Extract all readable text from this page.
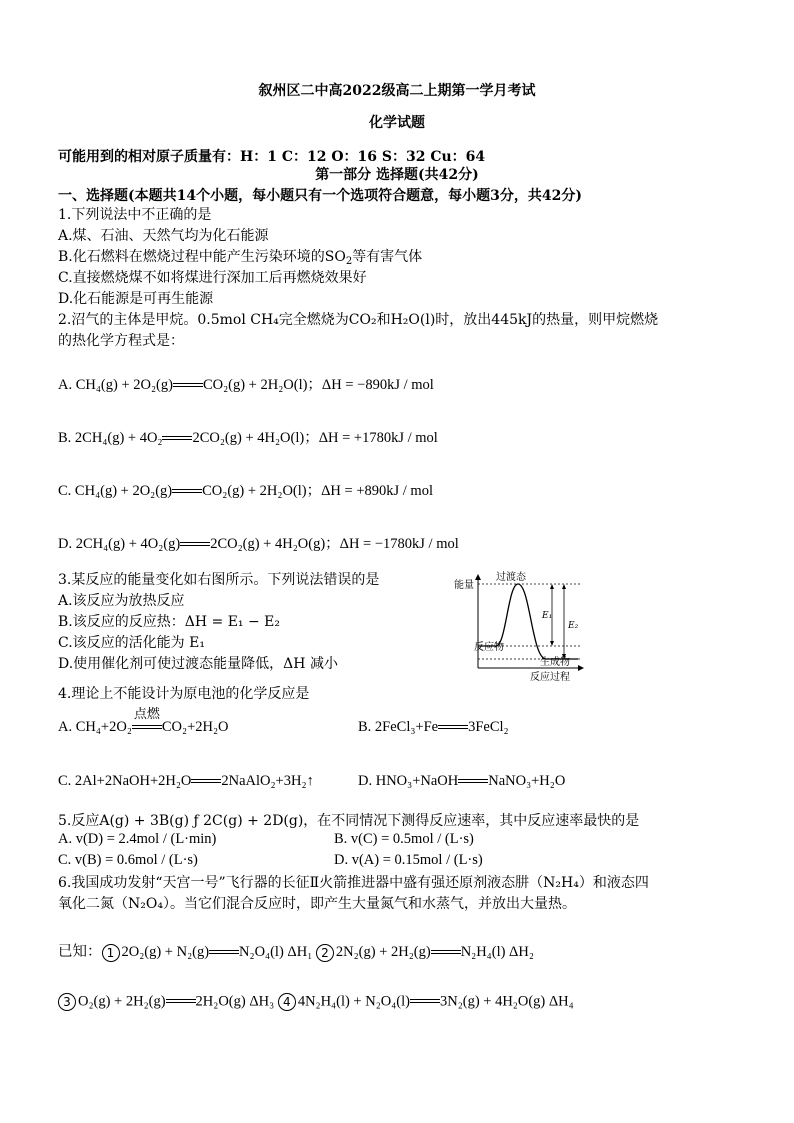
叙州区二中高2022级高二上期第一学月考试
化学试题
可能用到的相对原子质量有：H：1 C：12 O：16 S：32 Cu：64
第一部分 选择题(共42分)
一、选择题(本题共14个小题，每小题只有一个选项符合题意，每小题3分，共42分)
1.下列说法中不正确的是
A.煤、石油、天然气均为化石能源
B.化石燃料在燃烧过程中能产生污染环境的$SO_2$等有害气体
C.直接燃烧煤不如将煤进行深加工后再燃烧效果好
D.化石能源是可再生能源
2.沼气的主体是甲烷。0.5mol CH₄完全燃烧为CO₂和H₂O(l)时，放出445kJ的热量，则甲烷燃烧
的热化学方程式是：
A. CH₄(g) + 2O₂(g) CO₂(g) + 2H₂O(l)；ΔH = −890kJ / mol
B. 2CH₄(g) + 4O₂ 2CO₂(g) + 4H₂O(l)；ΔH = +1780kJ / mol
C. CH₄(g) + 2O₂(g) CO₂(g) + 2H₂O(l)；ΔH = +890kJ / mol
D. 2CH₄(g) + 4O₂(g) 2CO₂(g) + 4H₂O(g)；ΔH = −1780kJ / mol
3.某反应的能量变化如右图所示。下列说法错误的是
A.该反应为放热反应
B.该反应的反应热：ΔH = E₁ − E₂
C.该反应的活化能为 E₁
D.使用催化剂可使过渡态能量降低，ΔH 减小
能量
过渡态
E₁
E₂
反应物
生成物
反应过程
4.理论上不能设计为原电池的化学反应是
A. CH₄+2O₂
点燃
CO₂+2H₂O	B. 2FeCl₃+Fe 3FeCl₂
C. 2Al+2NaOH+2H₂O 2NaAlO₂+3H₂↑	D. HNO₃+NaOH NaNO₃+H₂O
5.反应A(g) + 3B(g) ƒ 2C(g) + 2D(g)，在不同情况下测得反应速率，其中反应速率最快的是
A. v(D) = 2.4mol / (L·min)	B. v(C) = 0.5mol / (L·s)
C. v(B) = 0.6mol / (L·s)	D. v(A) = 0.15mol / (L·s)
6.我国成功发射“天宫一号”飞行器的长征Ⅱ火箭推进器中盛有强还原剂液态肼（N₂H₄）和液态四
氧化二氮（N₂O₄）。当它们混合反应时，即产生大量氮气和水蒸气，并放出大量热。
已知： 1 2O₂(g) + N₂(g) N₂O₄(l) ΔH₁ 2 2N₂(g) + 2H₂(g) N₂H₄(l) ΔH₂
3 O₂(g) + 2H₂(g) 2H₂O(g) ΔH₃ 4 4N₂H₄(l) + N₂O₄(l) 3N₂(g) + 4H₂O(g) ΔH₄
